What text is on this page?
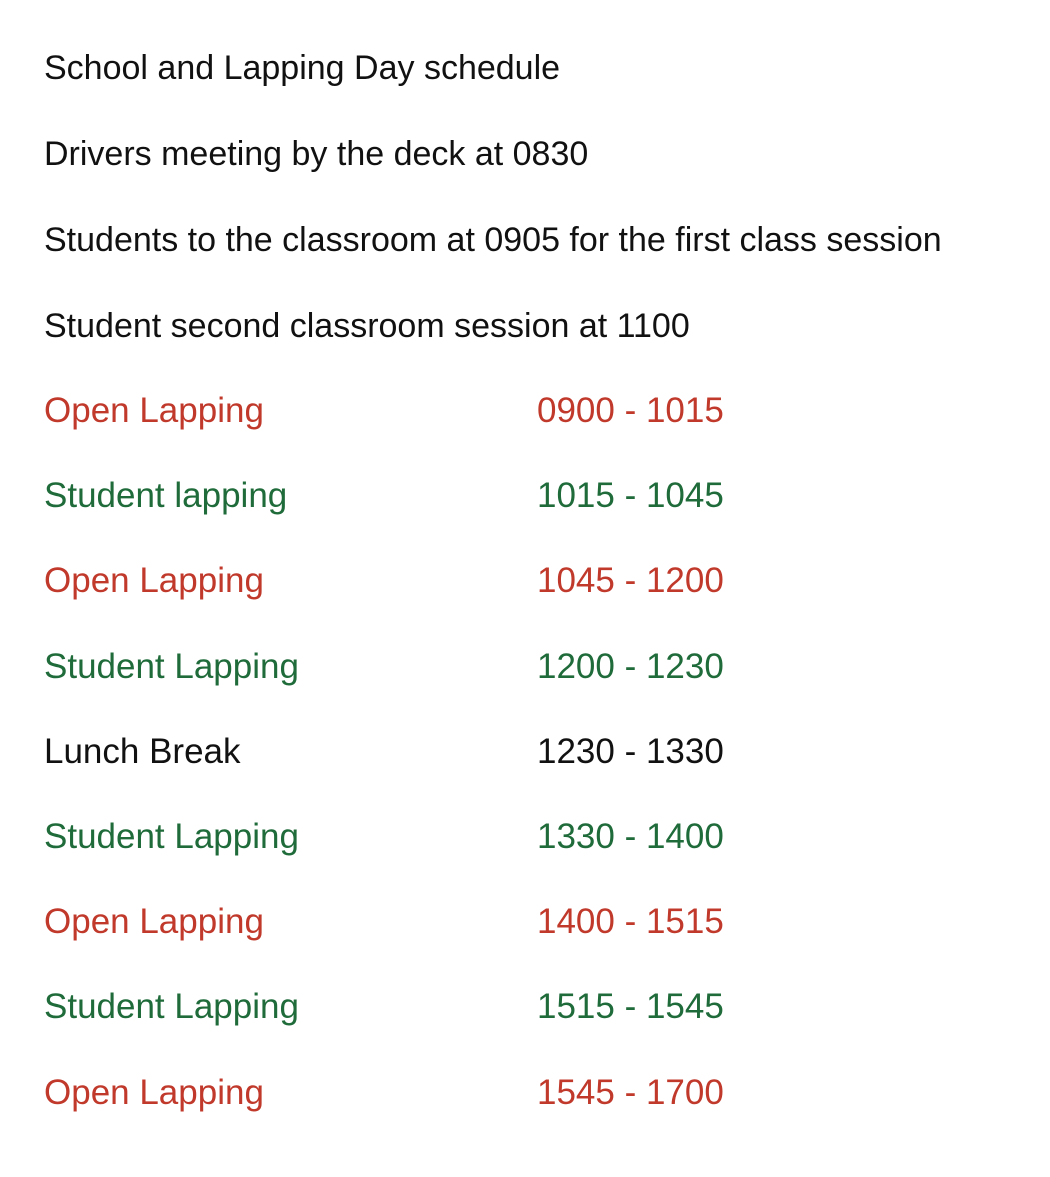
School and Lapping Day schedule
Drivers meeting by the deck at 0830
Students to the classroom at 0905 for the first class session
Student second classroom session at 1100
Open Lapping	0900 - 1015
Student lapping	1015 - 1045
Open Lapping	1045 - 1200
Student Lapping	1200 - 1230
Lunch Break	1230 - 1330
Student Lapping	1330 - 1400
Open Lapping	1400 - 1515
Student Lapping	1515 - 1545
Open Lapping	1545 - 1700
